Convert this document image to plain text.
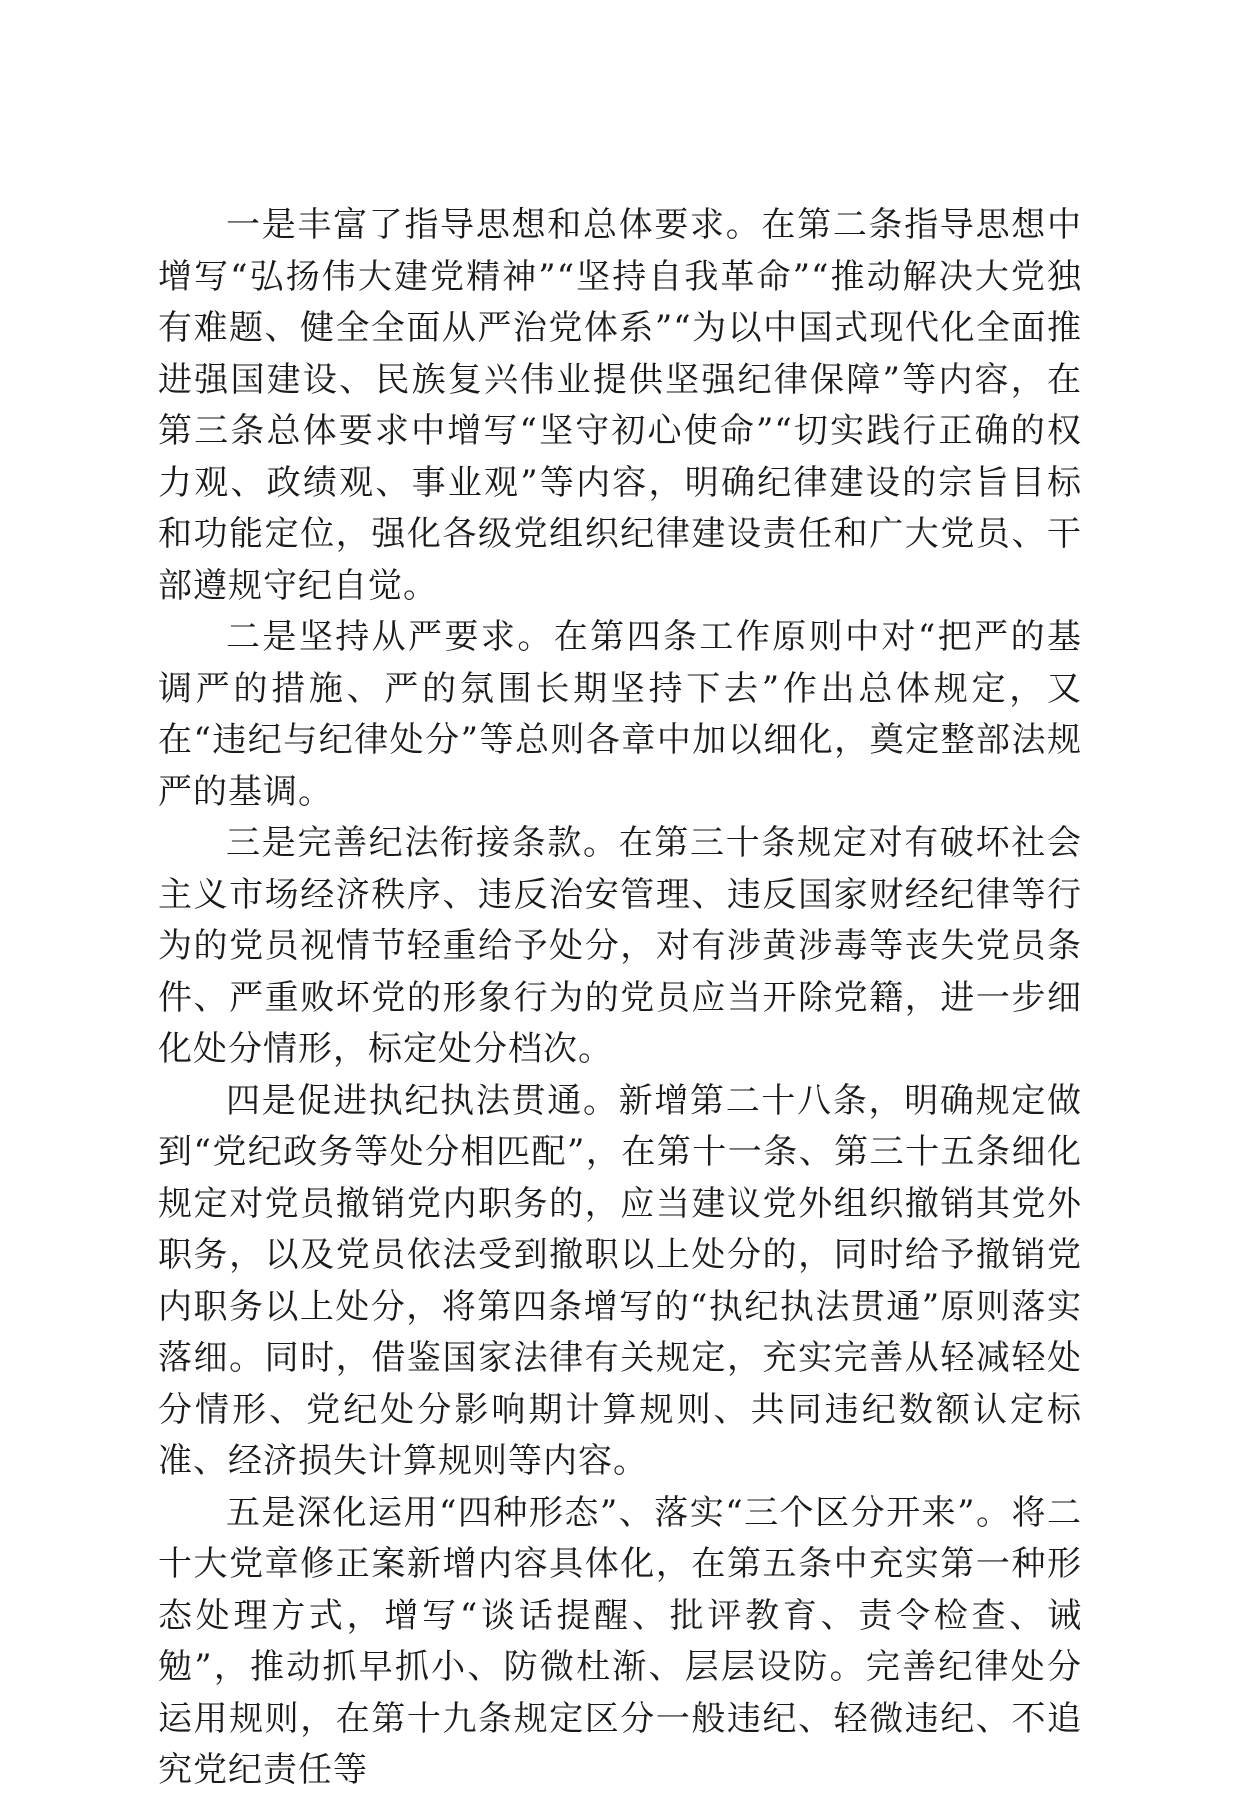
一是丰富了指导思想和总体要求。在第二条指导思想中增写“弘扬伟大建党精神”“坚持自我革命”“推动解决大党独有难题、健全全面从严治党体系”“为以中国式现代化全面推进强国建设、民族复兴伟业提供坚强纪律保障”等内容，在第三条总体要求中增写“坚守初心使命”“切实践行正确的权力观、政绩观、事业观”等内容，明确纪律建设的宗旨目标和功能定位，强化各级党组织纪律建设责任和广大党员、干部遵规守纪自觉。

二是坚持从严要求。在第四条工作原则中对“把严的基调严的措施、严的氛围长期坚持下去”作出总体规定，又在“违纪与纪律处分”等总则各章中加以细化，奠定整部法规严的基调。

三是完善纪法衔接条款。在第三十条规定对有破坏社会主义市场经济秩序、违反治安管理、违反国家财经纪律等行为的党员视情节轻重给予处分，对有涉黄涉毒等丧失党员条件、严重败坏党的形象行为的党员应当开除党籍，进一步细化处分情形，标定处分档次。

四是促进执纪执法贯通。新增第二十八条，明确规定做到“党纪政务等处分相匹配”，在第十一条、第三十五条细化规定对党员撤销党内职务的，应当建议党外组织撤销其党外职务，以及党员依法受到撤职以上处分的，同时给予撤销党内职务以上处分，将第四条增写的“执纪执法贯通”原则落实落细。同时，借鉴国家法律有关规定，充实完善从轻减轻处分情形、党纪处分影响期计算规则、共同违纪数额认定标准、经济损失计算规则等内容。

五是深化运用“四种形态”、落实“三个区分开来”。将二十大党章修正案新增内容具体化，在第五条中充实第一种形态处理方式，增写“谈话提醒、批评教育、责令检查、诫勉”，推动抓早抓小、防微杜渐、层层设防。完善纪律处分运用规则，在第十九条规定区分一般违纪、轻微违纪、不追究党纪责任等
